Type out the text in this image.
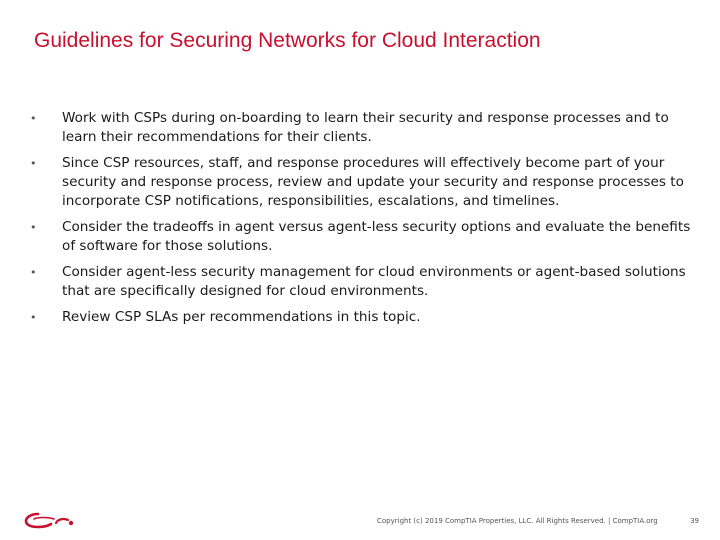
Guidelines for Securing Networks for Cloud Interaction
• Work with CSPs during on-boarding to learn their security and response processes and to learn their recommendations for their clients.
• Since CSP resources, staff, and response procedures will effectively become part of your security and response process, review and update your security and response processes to incorporate CSP notifications, responsibilities, escalations, and timelines.
• Consider the tradeoffs in agent versus agent-less security options and evaluate the benefits of software for those solutions.
• Consider agent-less security management for cloud environments or agent-based solutions that are specifically designed for cloud environments.
• Review CSP SLAs per recommendations in this topic.
Copyright (c) 2019 CompTIA Properties, LLC. All Rights Reserved. | CompTIA.org	39
